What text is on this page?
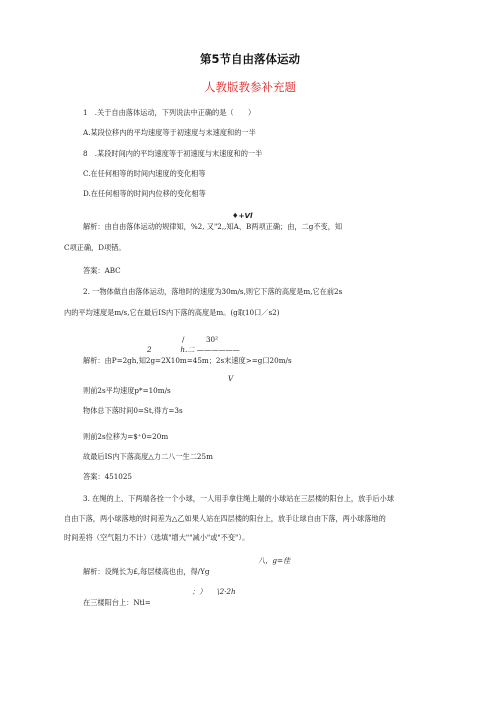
第5节自由落体运动
人教版教参补充题
1　.关于自由落体运动，下列说法中正确的是（　　）
A.某段位移内的平均速度等于初速度与末速度和的一半
8　.某段时间内的平均速度等于初速度与末速度和的一半
C.在任何相等的时间内速度的变化相等
D.在任何相等的时间内位移的变化相等
♦+Vl
解析：由自由落体运动的规律知，%2, 又"2,,知A、B两项正确；由，二g不变，知
C项正确，D项错。
答案：ABC
2. 一物体做自由落体运动，落地时的速度为30m∕s,则它下落的高度是m,它在前2s
内的平均速度是m∕s,它在最后IS内下落的高度是m。(g取10口／s2)
/　　　30²
2　　　　h.二 ——————
解析：由P=2gh,知2g=2X10m=45m；2s末速度>=g口20m/s
V
则前2s平均速度p*=10m/s
物体总下落时间0=St,得方=3s
则前2s位移为=$⁺0=20m
故最后IS内下落高度△力二八一生二25m
答案：451025
3. 在绳的上、下两端各拴一个小球，一人用手拿住绳上端的小球站在三层楼的阳台上，放手后小球
自由下落，两小球落地的时间差为△乙如果人站在四层楼的阳台上，放手让球自由下落，两小球落地的
时间差将（空气阻力不计）（选填"增大""减小"或"不变"）。
八，g=佳
解析：设绳长为£,每层楼高也由，得∕Yg
；）　　\2·2h
在三楼阳台上：Ntl=
